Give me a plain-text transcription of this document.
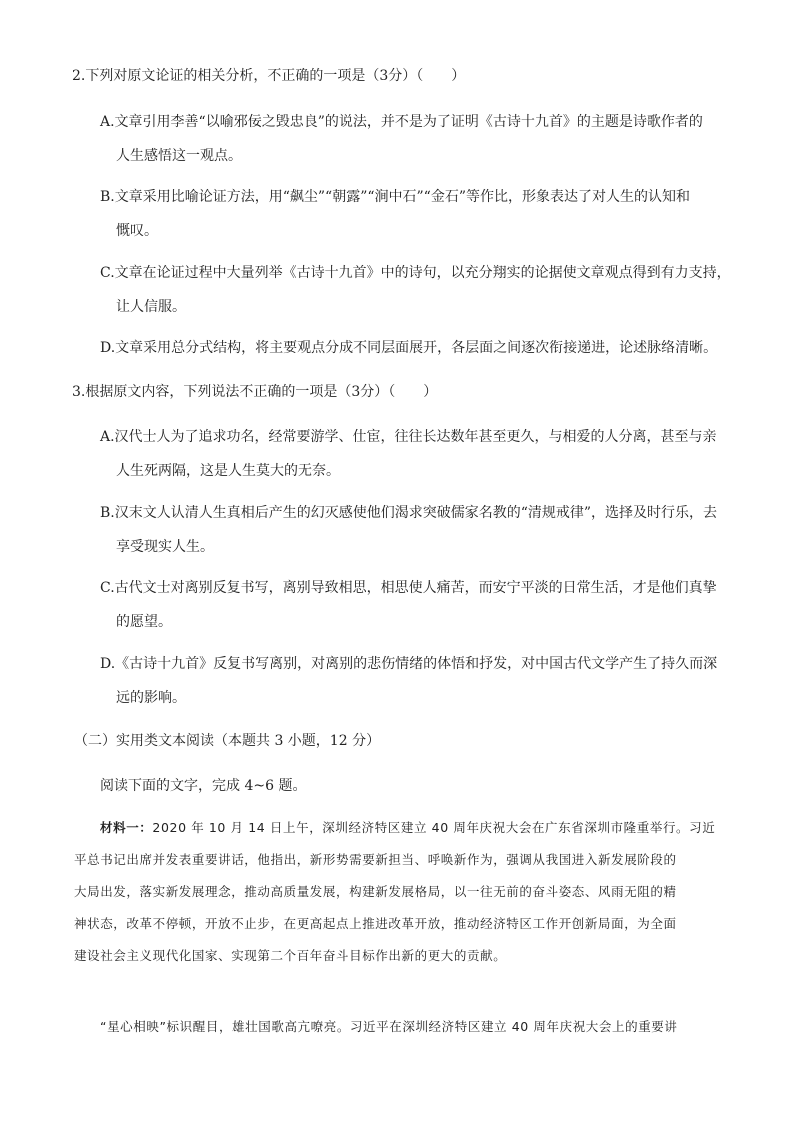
2.下列对原文论证的相关分析，不正确的一项是（3分）（　　）
A.文章引用李善“以喻邪佞之毁忠良”的说法，并不是为了证明《古诗十九首》的主题是诗歌作者的
人生感悟这一观点。
B.文章采用比喻论证方法，用“飙尘”“朝露”“涧中石”“金石”等作比，形象表达了对人生的认知和
慨叹。
C.文章在论证过程中大量列举《古诗十九首》中的诗句，以充分翔实的论据使文章观点得到有力支持，
让人信服。
D.文章采用总分式结构，将主要观点分成不同层面展开，各层面之间逐次衔接递进，论述脉络清晰。
3.根据原文内容，下列说法不正确的一项是（3分）（　　）
A.汉代士人为了追求功名，经常要游学、仕宦，往往长达数年甚至更久，与相爱的人分离，甚至与亲
人生死两隔，这是人生莫大的无奈。
B.汉末文人认清人生真相后产生的幻灭感使他们渴求突破儒家名教的“清规戒律”，选择及时行乐，去
享受现实人生。
C.古代文士对离别反复书写，离别导致相思，相思使人痛苦，而安宁平淡的日常生活，才是他们真挚
的愿望。
D.《古诗十九首》反复书写离别，对离别的悲伤情绪的体悟和抒发，对中国古代文学产生了持久而深
远的影响。
（二）实用类文本阅读（本题共 3 小题，12 分）
阅读下面的文字，完成 4~6 题。
材料一：2020 年 10 月 14 日上午，深圳经济特区建立 40 周年庆祝大会在广东省深圳市隆重举行。习近
平总书记出席并发表重要讲话，他指出，新形势需要新担当、呼唤新作为，强调从我国进入新发展阶段的
大局出发，落实新发展理念，推动高质量发展，构建新发展格局，以一往无前的奋斗姿态、风雨无阻的精
神状态，改革不停顿，开放不止步，在更高起点上推进改革开放，推动经济特区工作开创新局面，为全面
建设社会主义现代化国家、实现第二个百年奋斗目标作出新的更大的贡献。
“星心相映”标识醒目，雄壮国歌高亢嘹亮。习近平在深圳经济特区建立 40 周年庆祝大会上的重要讲
